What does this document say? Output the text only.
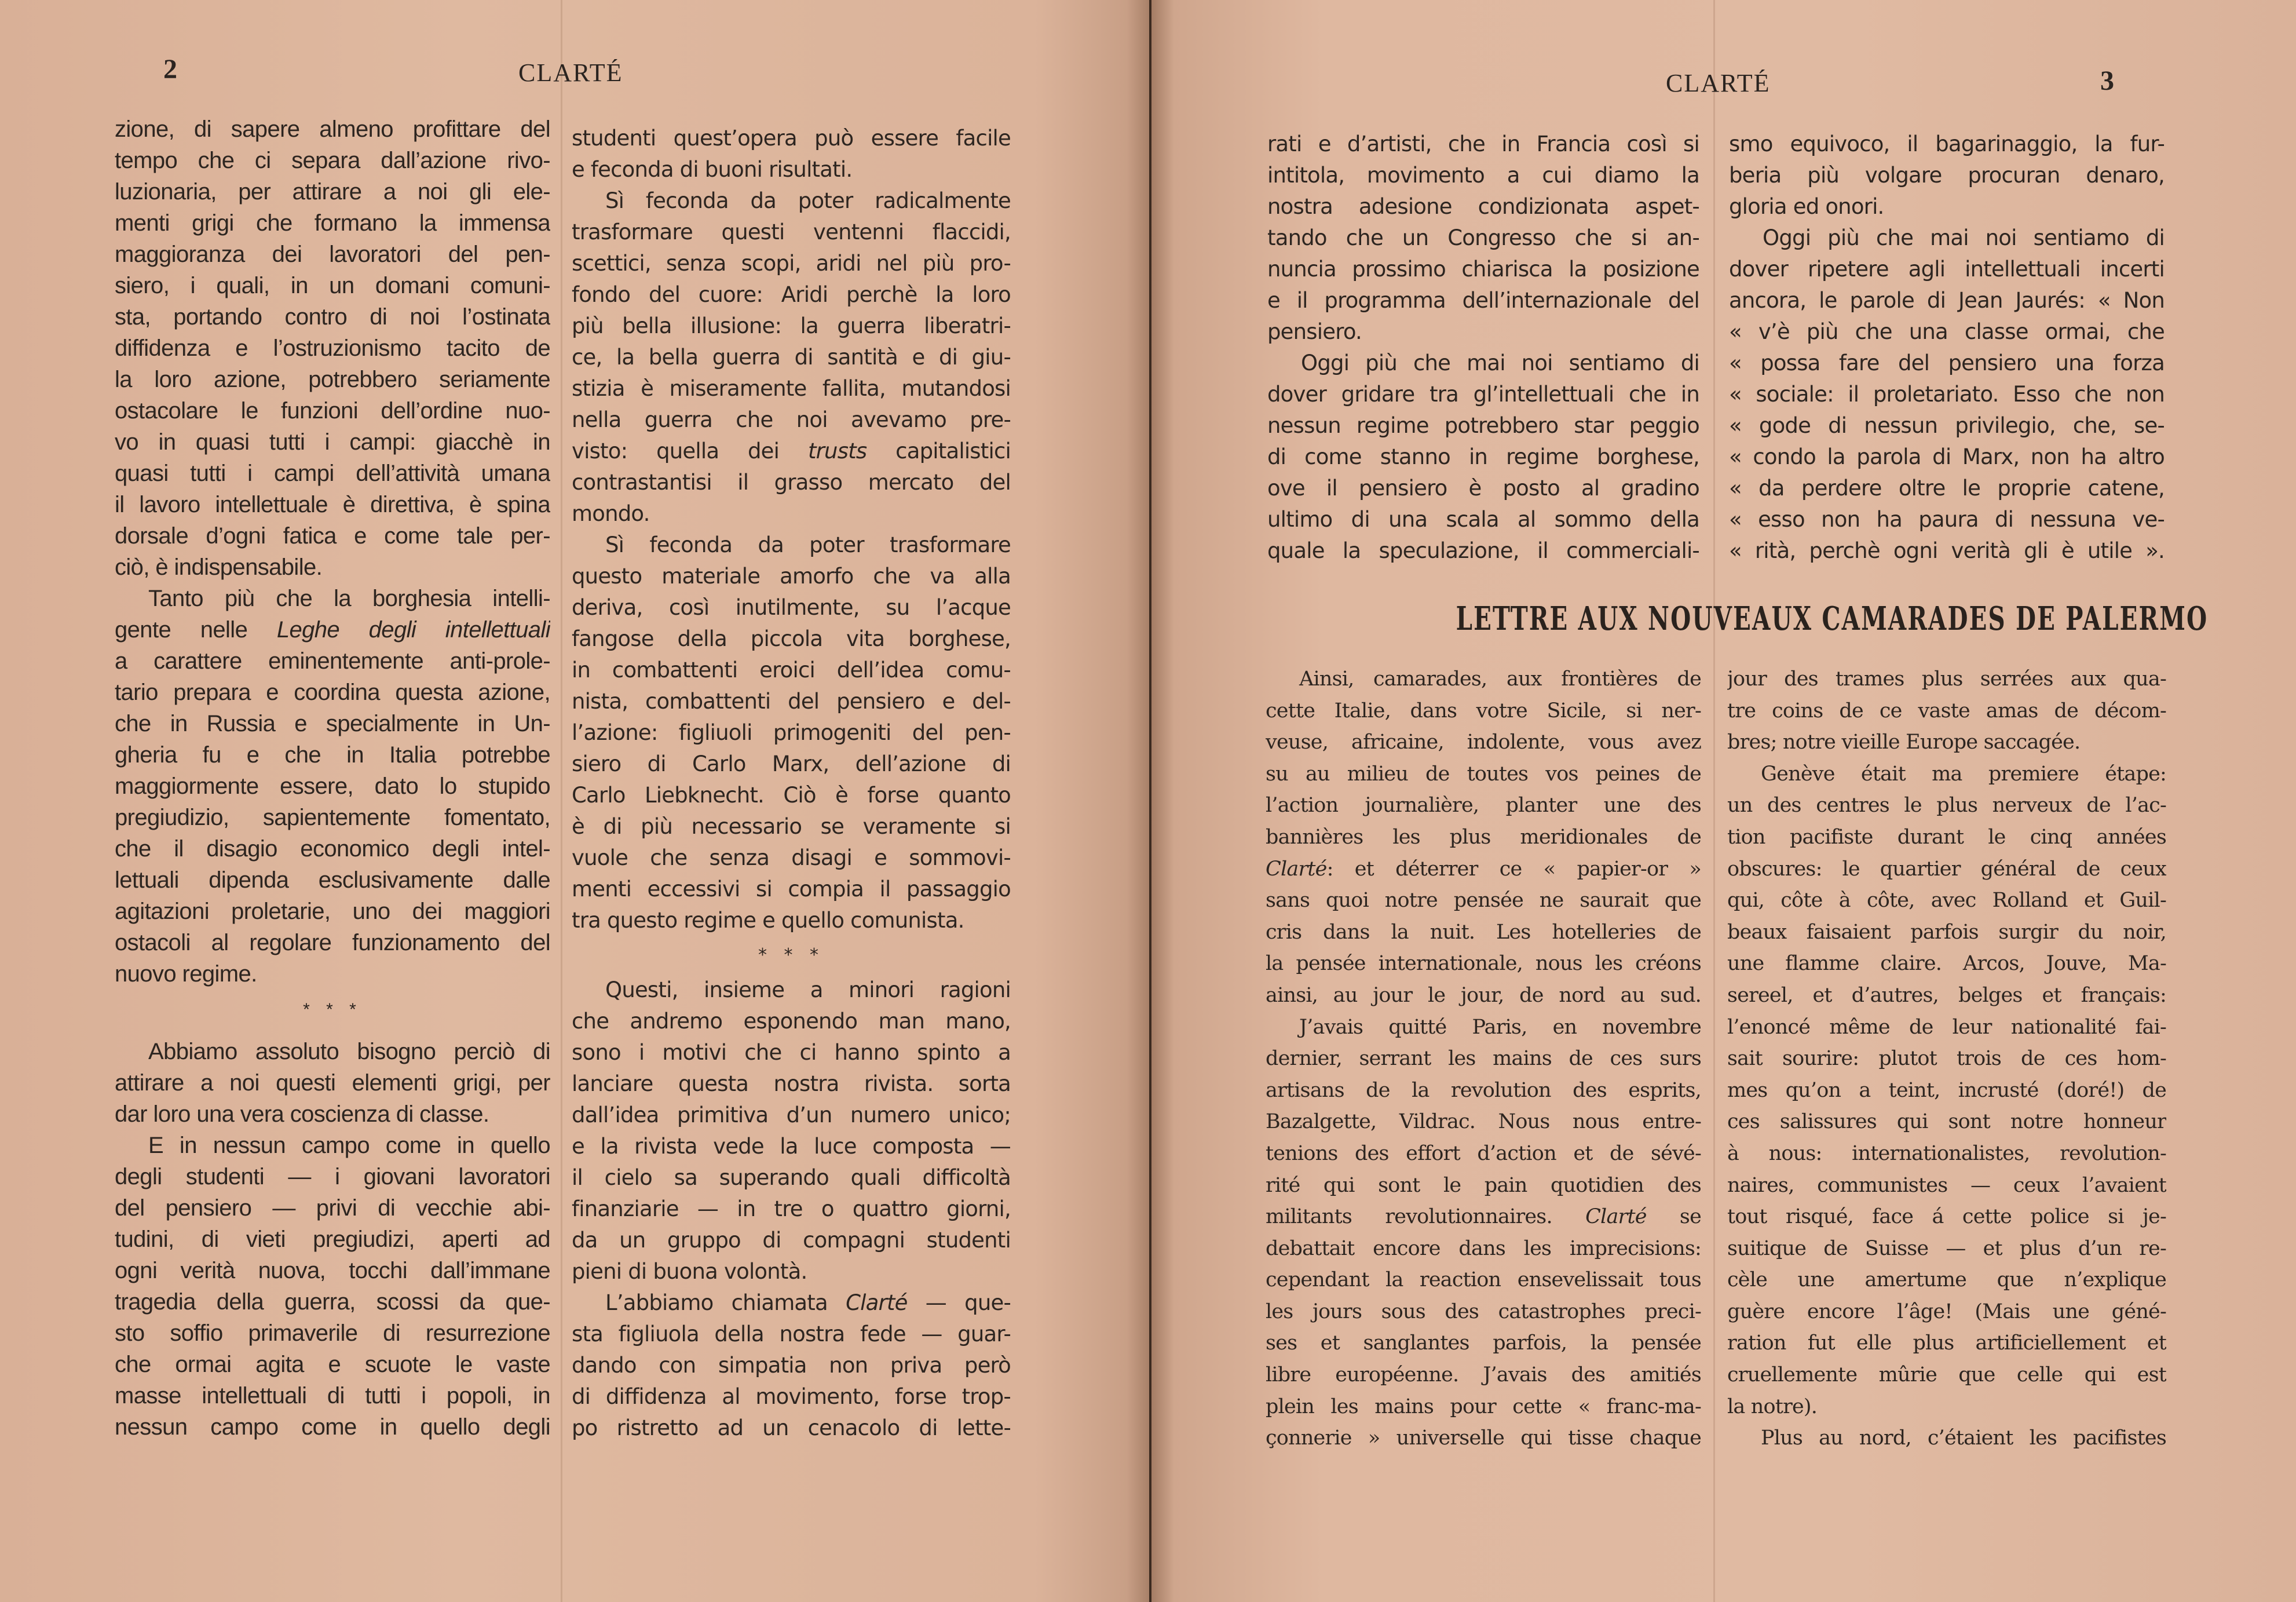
2	CLARTÉ
zione, di sapere almeno profittare del
tempo che ci separa dall’azione rivo-
luzionaria, per attirare a noi gli ele-
menti grigi che formano la immensa
maggioranza dei lavoratori del pen-
siero, i quali, in un domani comuni-
sta, portando contro di noi l’ostinata
diffidenza e l’ostruzionismo tacito de
la loro azione, potrebbero seriamente
ostacolare le funzioni dell’ordine nuo-
vo in quasi tutti i campi: giacchè in
quasi tutti i campi dell’attività umana
il lavoro intellettuale è direttiva, è spina
dorsale d’ogni fatica e come tale per-
ciò, è indispensabile.
Tanto più che la borghesia intelli-
gente nelle Leghe degli intellettuali
a carattere eminentemente anti-prole-
tario prepara e coordina questa azione,
che in Russia e specialmente in Un-
gheria fu e che in Italia potrebbe
maggiormente essere, dato lo stupido
pregiudizio, sapientemente fomentato,
che il disagio economico degli intel-
lettuali dipenda esclusivamente dalle
agitazioni proletarie, uno dei maggiori
ostacoli al regolare funzionamento del
nuovo regime.
* * *
Abbiamo assoluto bisogno perciò di
attirare a noi questi elementi grigi, per
dar loro una vera coscienza di classe.
E in nessun campo come in quello
degli studenti — i giovani lavoratori
del pensiero — privi di vecchie abi-
tudini, di vieti pregiudizi, aperti ad
ogni verità nuova, tocchi dall’immane
tragedia della guerra, scossi da que-
sto soffio primaverile di resurrezione
che ormai agita e scuote le vaste
masse intellettuali di tutti i popoli, in
nessun campo come in quello degli
studenti quest’opera può essere facile
e feconda di buoni risultati.
Sì feconda da poter radicalmente
trasformare questi ventenni flaccidi,
scettici, senza scopi, aridi nel più pro-
fondo del cuore: Aridi perchè la loro
più bella illusione: la guerra liberatri-
ce, la bella guerra di santità e di giu-
stizia è miseramente fallita, mutandosi
nella guerra che noi avevamo pre-
visto: quella dei trusts capitalistici
contrastantisi il grasso mercato del
mondo.
Sì feconda da poter trasformare
questo materiale amorfo che va alla
deriva, così inutilmente, su l’acque
fangose della piccola vita borghese,
in combattenti eroici dell’idea comu-
nista, combattenti del pensiero e del-
l’azione: figliuoli primogeniti del pen-
siero di Carlo Marx, dell’azione di
Carlo Liebknecht. Ciò è forse quanto
è di più necessario se veramente si
vuole che senza disagi e sommovi-
menti eccessivi si compia il passaggio
tra questo regime e quello comunista.
* * *
Questi, insieme a minori ragioni
che andremo esponendo man mano,
sono i motivi che ci hanno spinto a
lanciare questa nostra rivista. sorta
dall’idea primitiva d’un numero unico;
e la rivista vede la luce composta —
il cielo sa superando quali difficoltà
finanziarie — in tre o quattro giorni,
da un gruppo di compagni studenti
pieni di buona volontà.
L’abbiamo chiamata Clarté — que-
sta figliuola della nostra fede — guar-
dando con simpatia non priva però
di diffidenza al movimento, forse trop-
po ristretto ad un cenacolo di lette-
CLARTÉ	3
rati e d’artisti, che in Francia così si
intitola, movimento a cui diamo la
nostra adesione condizionata aspet-
tando che un Congresso che si an-
nuncia prossimo chiarisca la posizione
e il programma dell’internazionale del
pensiero.
Oggi più che mai noi sentiamo di
dover gridare tra gl’intellettuali che in
nessun regime potrebbero star peggio
di come stanno in regime borghese,
ove il pensiero è posto al gradino
ultimo di una scala al sommo della
quale la speculazione, il commerciali-
smo equivoco, il bagarinaggio, la fur-
beria più volgare procuran denaro,
gloria ed onori.
Oggi più che mai noi sentiamo di
dover ripetere agli intellettuali incerti
ancora, le parole di Jean Jaurés: « Non
« v’è più che una classe ormai, che
« possa fare del pensiero una forza
« sociale: il proletariato. Esso che non
« gode di nessun privilegio, che, se-
« condo la parola di Marx, non ha altro
« da perdere oltre le proprie catene,
« esso non ha paura di nessuna ve-
« rità, perchè ogni verità gli è utile ».
LETTRE AUX NOUVEAUX CAMARADES DE PALERMO
Ainsi, camarades, aux frontières de
cette Italie, dans votre Sicile, si ner-
veuse, africaine, indolente, vous avez
su au milieu de toutes vos peines de
l’action journalière, planter une des
bannières les plus meridionales de
Clarté: et déterrer ce « papier-or »
sans quoi notre pensée ne saurait que
cris dans la nuit. Les hotelleries de
la pensée internationale, nous les créons
ainsi, au jour le jour, de nord au sud.
J’avais quitté Paris, en novembre
dernier, serrant les mains de ces surs
artisans de la revolution des esprits,
Bazalgette, Vildrac. Nous nous entre-
tenions des effort d’action et de sévé-
rité qui sont le pain quotidien des
militants revolutionnaires. Clarté se
debattait encore dans les imprecisions:
cependant la reaction ensevelissait tous
les jours sous des catastrophes preci-
ses et sanglantes parfois, la pensée
libre européenne. J’avais des amitiés
plein les mains pour cette « franc-ma-
çonnerie » universelle qui tisse chaque
jour des trames plus serrées aux qua-
tre coins de ce vaste amas de décom-
bres; notre vieille Europe saccagée.
Genève était ma premiere étape:
un des centres le plus nerveux de l’ac-
tion pacifiste durant le cinq années
obscures: le quartier général de ceux
qui, côte à côte, avec Rolland et Guil-
beaux faisaient parfois surgir du noir,
une flamme claire. Arcos, Jouve, Ma-
sereel, et d’autres, belges et français:
l’enoncé même de leur nationalité fai-
sait sourire: plutot trois de ces hom-
mes qu’on a teint, incrusté (doré!) de
ces salissures qui sont notre honneur
à nous: internationalistes, revolution-
naires, communistes — ceux l’avaient
tout risqué, face á cette police si je-
suitique de Suisse — et plus d’un re-
cèle une amertume que n’explique
guère encore l’âge! (Mais une géné-
ration fut elle plus artificiellement et
cruellemente mûrie que celle qui est
la notre).
Plus au nord, c’étaient les pacifistes
